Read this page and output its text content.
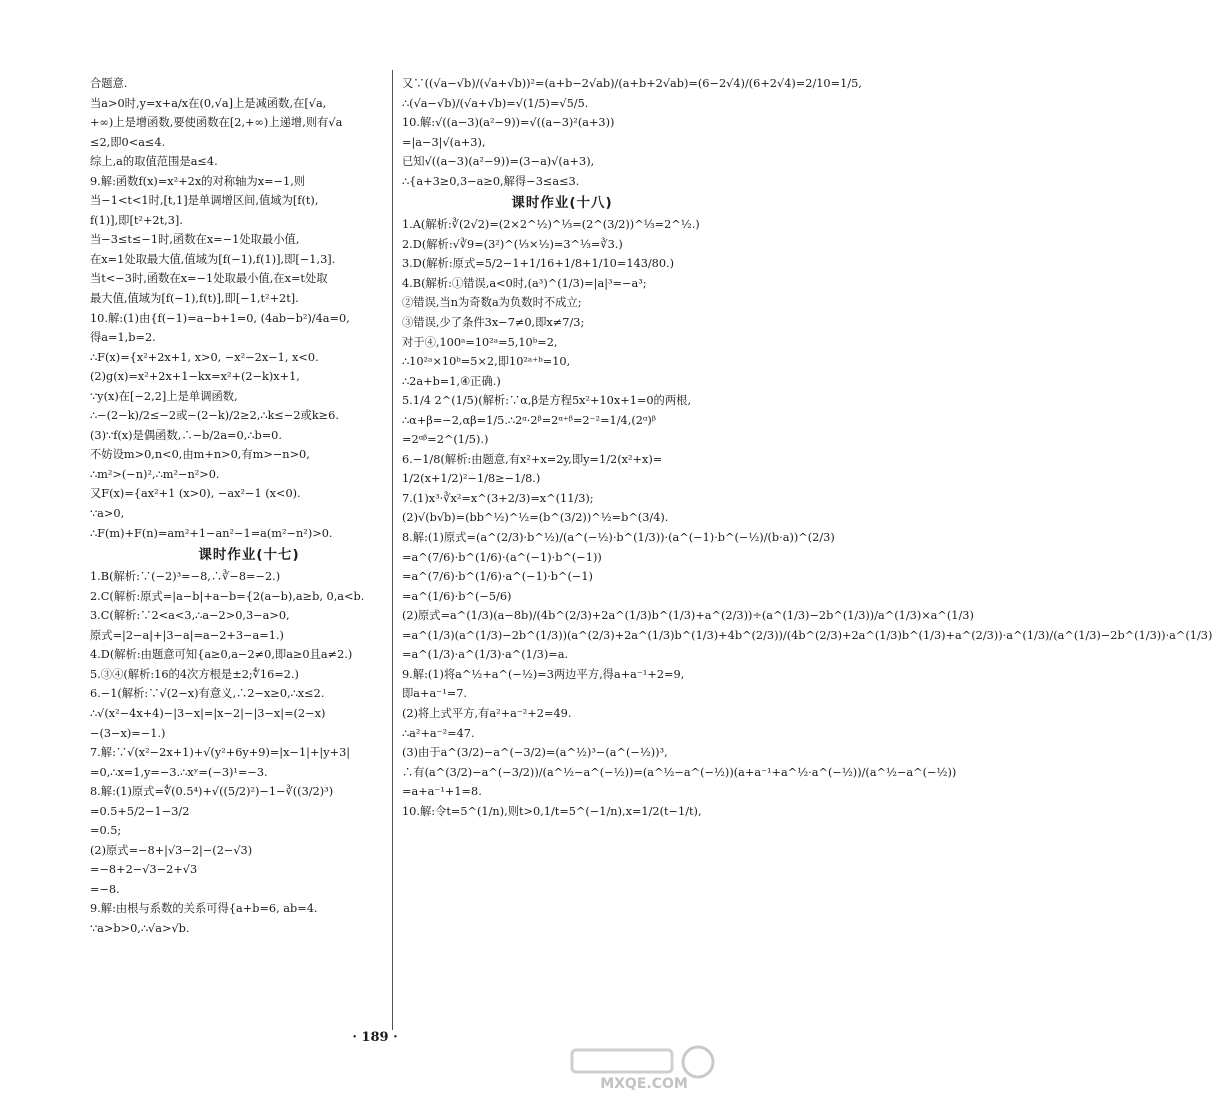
合题意.
当a>0时,y=x+a/x在(0,√a]上是减函数,在[√a,
+∞)上是增函数,要使函数在[2,+∞)上递增,则有√a
≤2,即0<a≤4.
综上,a的取值范围是a≤4.
9.解:函数f(x)=x²+2x的对称轴为x=−1,则
当−1<t<1时,[t,1]是单调增区间,值域为[f(t),
f(1)],即[t²+2t,3].
当−3≤t≤−1时,函数在x=−1处取最小值,
在x=1处取最大值,值域为[f(−1),f(1)],即[−1,3].
当t<−3时,函数在x=−1处取最小值,在x=t处取
最大值,值域为[f(−1),f(t)],即[−1,t²+2t].
10.解:(1)由{f(−1)=a−b+1=0, (4ab−b²)/4a=0,
得a=1,b=2.
∴F(x)={x²+2x+1, x>0, −x²−2x−1, x<0.
(2)g(x)=x²+2x+1−kx=x²+(2−k)x+1,
∵y(x)在[−2,2]上是单调函数,
∴−(2−k)/2≤−2或−(2−k)/2≥2,∴k≤−2或k≥6.
(3)∵f(x)是偶函数,∴−b/2a=0,∴b=0.
不妨设m>0,n<0,由m+n>0,有m>−n>0,
∴m²>(−n)²,∴m²−n²>0.
又F(x)={ax²+1 (x>0), −ax²−1 (x<0).
∵a>0,
∴F(m)+F(n)=am²+1−an²−1=a(m²−n²)>0.
课时作业(十七)
1.B(解析:∵(−2)³=−8,∴∛−8=−2.)
2.C(解析:原式=|a−b|+a−b={2(a−b),a≥b, 0,a<b.
3.C(解析:∵2<a<3,∴a−2>0,3−a>0,
原式=|2−a|+|3−a|=a−2+3−a=1.)
4.D(解析:由题意可知{a≥0,a−2≠0,即a≥0且a≠2.)
5.③④(解析:16的4次方根是±2;∜16=2.)
6.−1(解析:∵√(2−x)有意义,∴2−x≥0,∴x≤2.
∴√(x²−4x+4)−|3−x|=|x−2|−|3−x|=(2−x)
−(3−x)=−1.)
7.解:∵√(x²−2x+1)+√(y²+6y+9)=|x−1|+|y+3|
=0,∴x=1,y=−3.∴xʸ=(−3)¹=−3.
8.解:(1)原式=∜(0.5⁴)+√((5/2)²)−1−∛((3/2)³)
=0.5+5/2−1−3/2
=0.5;
(2)原式=−8+|√3−2|−(2−√3)
=−8+2−√3−2+√3
=−8.
9.解:由根与系数的关系可得{a+b=6, ab=4.
∵a>b>0,∴√a>√b.
又∵((√a−√b)/(√a+√b))²=(a+b−2√ab)/(a+b+2√ab)=(6−2√4)/(6+2√4)=2/10=1/5,
∴(√a−√b)/(√a+√b)=√(1/5)=√5/5.
10.解:√((a−3)(a²−9))=√((a−3)²(a+3))
=|a−3|√(a+3),
已知√((a−3)(a²−9))=(3−a)√(a+3),
∴{a+3≥0,3−a≥0,解得−3≤a≤3.
课时作业(十八)
1.A(解析:∛(2√2)=(2×2^½)^⅓=(2^(3/2))^⅓=2^½.)
2.D(解析:√∛9=(3²)^(⅓×½)=3^⅓=∛3.)
3.D(解析:原式=5/2−1+1/16+1/8+1/10=143/80.)
4.B(解析:①错误,a<0时,(a³)^(1/3)=|a|³=−a³;
②错误,当n为奇数a为负数时不成立;
③错误,少了条件3x−7≠0,即x≠7/3;
对于④,100ᵃ=10²ᵃ=5,10ᵇ=2,
∴10²ᵃ×10ᵇ=5×2,即10²ᵃ⁺ᵇ=10,
∴2a+b=1,④正确.)
5.1/4 2^(1/5)(解析:∵α,β是方程5x²+10x+1=0的两根,
∴α+β=−2,αβ=1/5.∴2ᵅ·2ᵝ=2ᵅ⁺ᵝ=2⁻²=1/4,(2ᵅ)ᵝ
=2ᵅᵝ=2^(1/5).)
6.−1/8(解析:由题意,有x²+x=2y,即y=1/2(x²+x)=
1/2(x+1/2)²−1/8≥−1/8.)
7.(1)x³·∛x²=x^(3+2/3)=x^(11/3);
(2)√(b√b)=(bb^½)^½=(b^(3/2))^½=b^(3/4).
8.解:(1)原式=(a^(2/3)·b^½)/(a^(−½)·b^(1/3))·(a^(−1)·b^(−½)/(b·a))^(2/3)
=a^(7/6)·b^(1/6)·(a^(−1)·b^(−1))
=a^(7/6)·b^(1/6)·a^(−1)·b^(−1)
=a^(1/6)·b^(−5/6)
(2)原式=a^(1/3)(a−8b)/(4b^(2/3)+2a^(1/3)b^(1/3)+a^(2/3))÷(a^(1/3)−2b^(1/3))/a^(1/3)×a^(1/3)
=a^(1/3)(a^(1/3)−2b^(1/3))(a^(2/3)+2a^(1/3)b^(1/3)+4b^(2/3))/(4b^(2/3)+2a^(1/3)b^(1/3)+a^(2/3))·a^(1/3)/(a^(1/3)−2b^(1/3))·a^(1/3)
=a^(1/3)·a^(1/3)·a^(1/3)=a.
9.解:(1)将a^½+a^(−½)=3两边平方,得a+a⁻¹+2=9,
即a+a⁻¹=7.
(2)将上式平方,有a²+a⁻²+2=49.
∴a²+a⁻²=47.
(3)由于a^(3/2)−a^(−3/2)=(a^½)³−(a^(−½))³,
∴有(a^(3/2)−a^(−3/2))/(a^½−a^(−½))=(a^½−a^(−½))(a+a⁻¹+a^½·a^(−½))/(a^½−a^(−½))
=a+a⁻¹+1=8.
10.解:令t=5^(1/n),则t>0,1/t=5^(−1/n),x=1/2(t−1/t),
· 189 ·
MXQE.COM
